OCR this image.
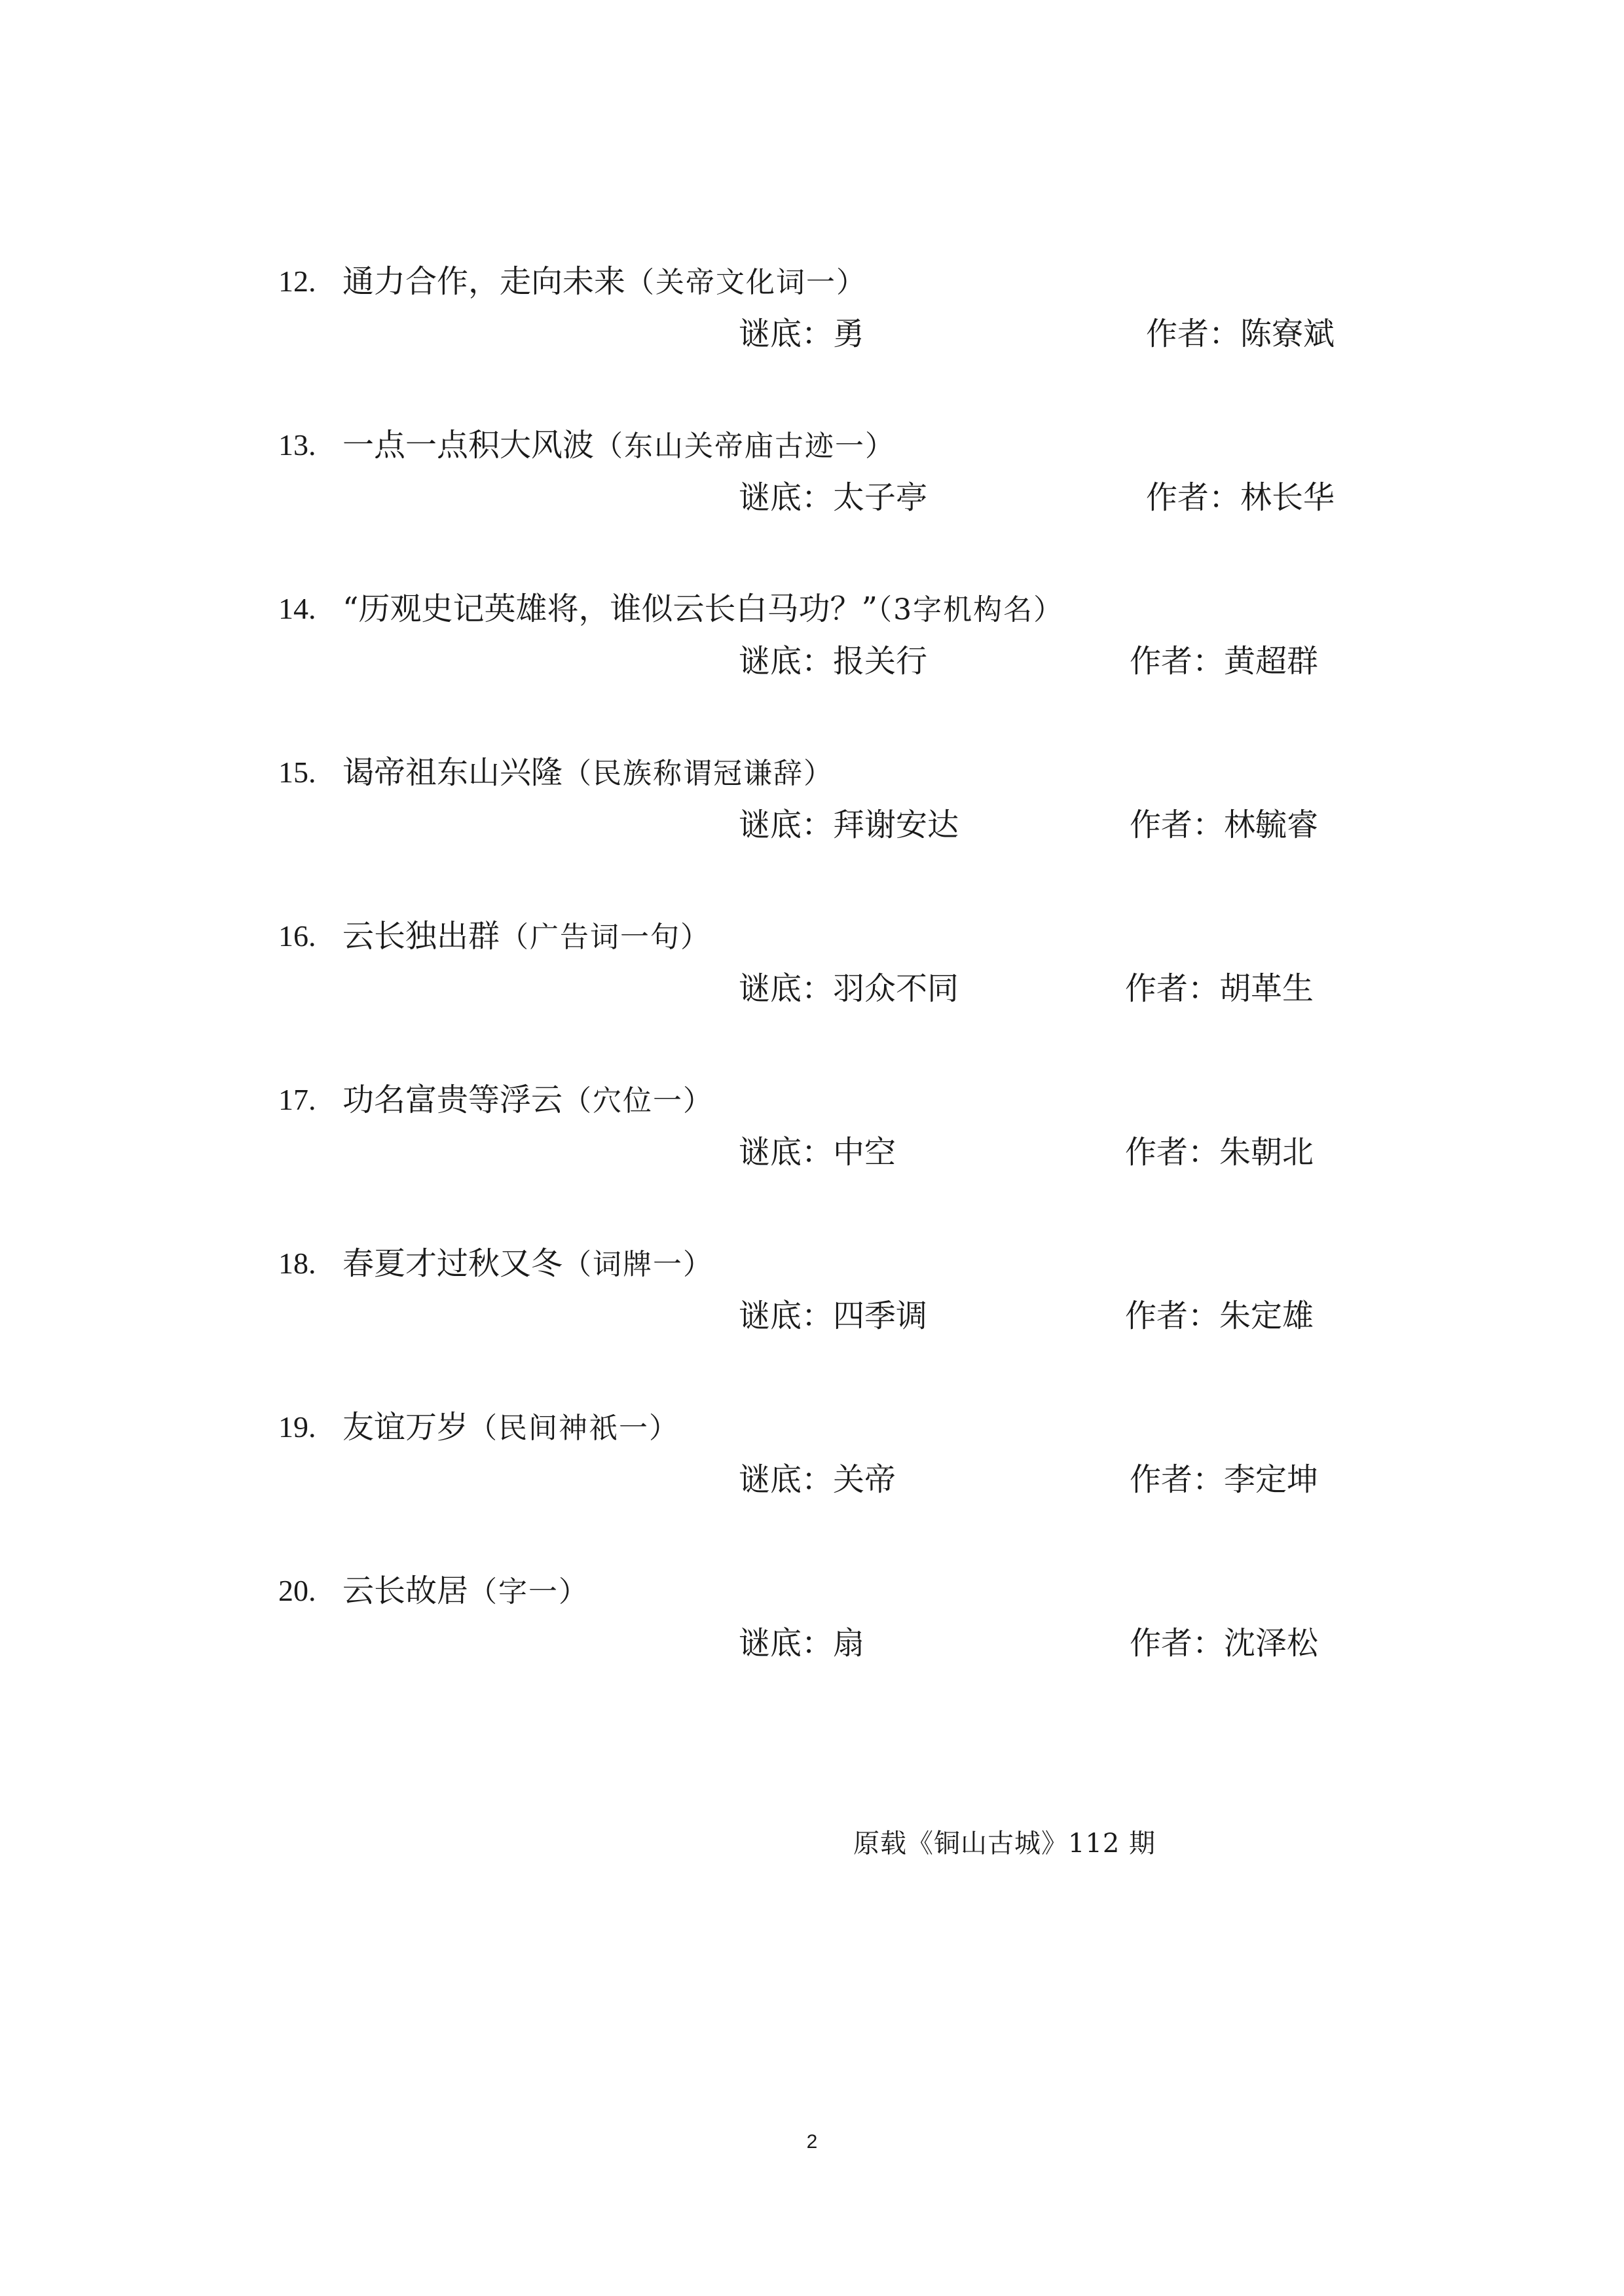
12. 通力合作，走向未来（关帝文化词一）
谜底：勇	作者：陈寮斌
13. 一点一点积大风波（东山关帝庙古迹一）
谜底：太子亭	作者：林长华
14. “历观史记英雄将，谁似云长白马功？”（3字机构名）
谜底：报关行	作者：黄超群
15. 谒帝祖东山兴隆（民族称谓冠谦辞）
谜底：拜谢安达	作者：林毓睿
16. 云长独出群（广告词一句）
谜底：羽众不同	作者：胡革生
17. 功名富贵等浮云（穴位一）
谜底：中空	作者：朱朝北
18. 春夏才过秋又冬（词牌一）
谜底：四季调	作者：朱定雄
19. 友谊万岁（民间神祇一）
谜底：关帝	作者：李定坤
20. 云长故居（字一）
谜底：扇	作者：沈泽松
原载《铜山古城》112 期
2
